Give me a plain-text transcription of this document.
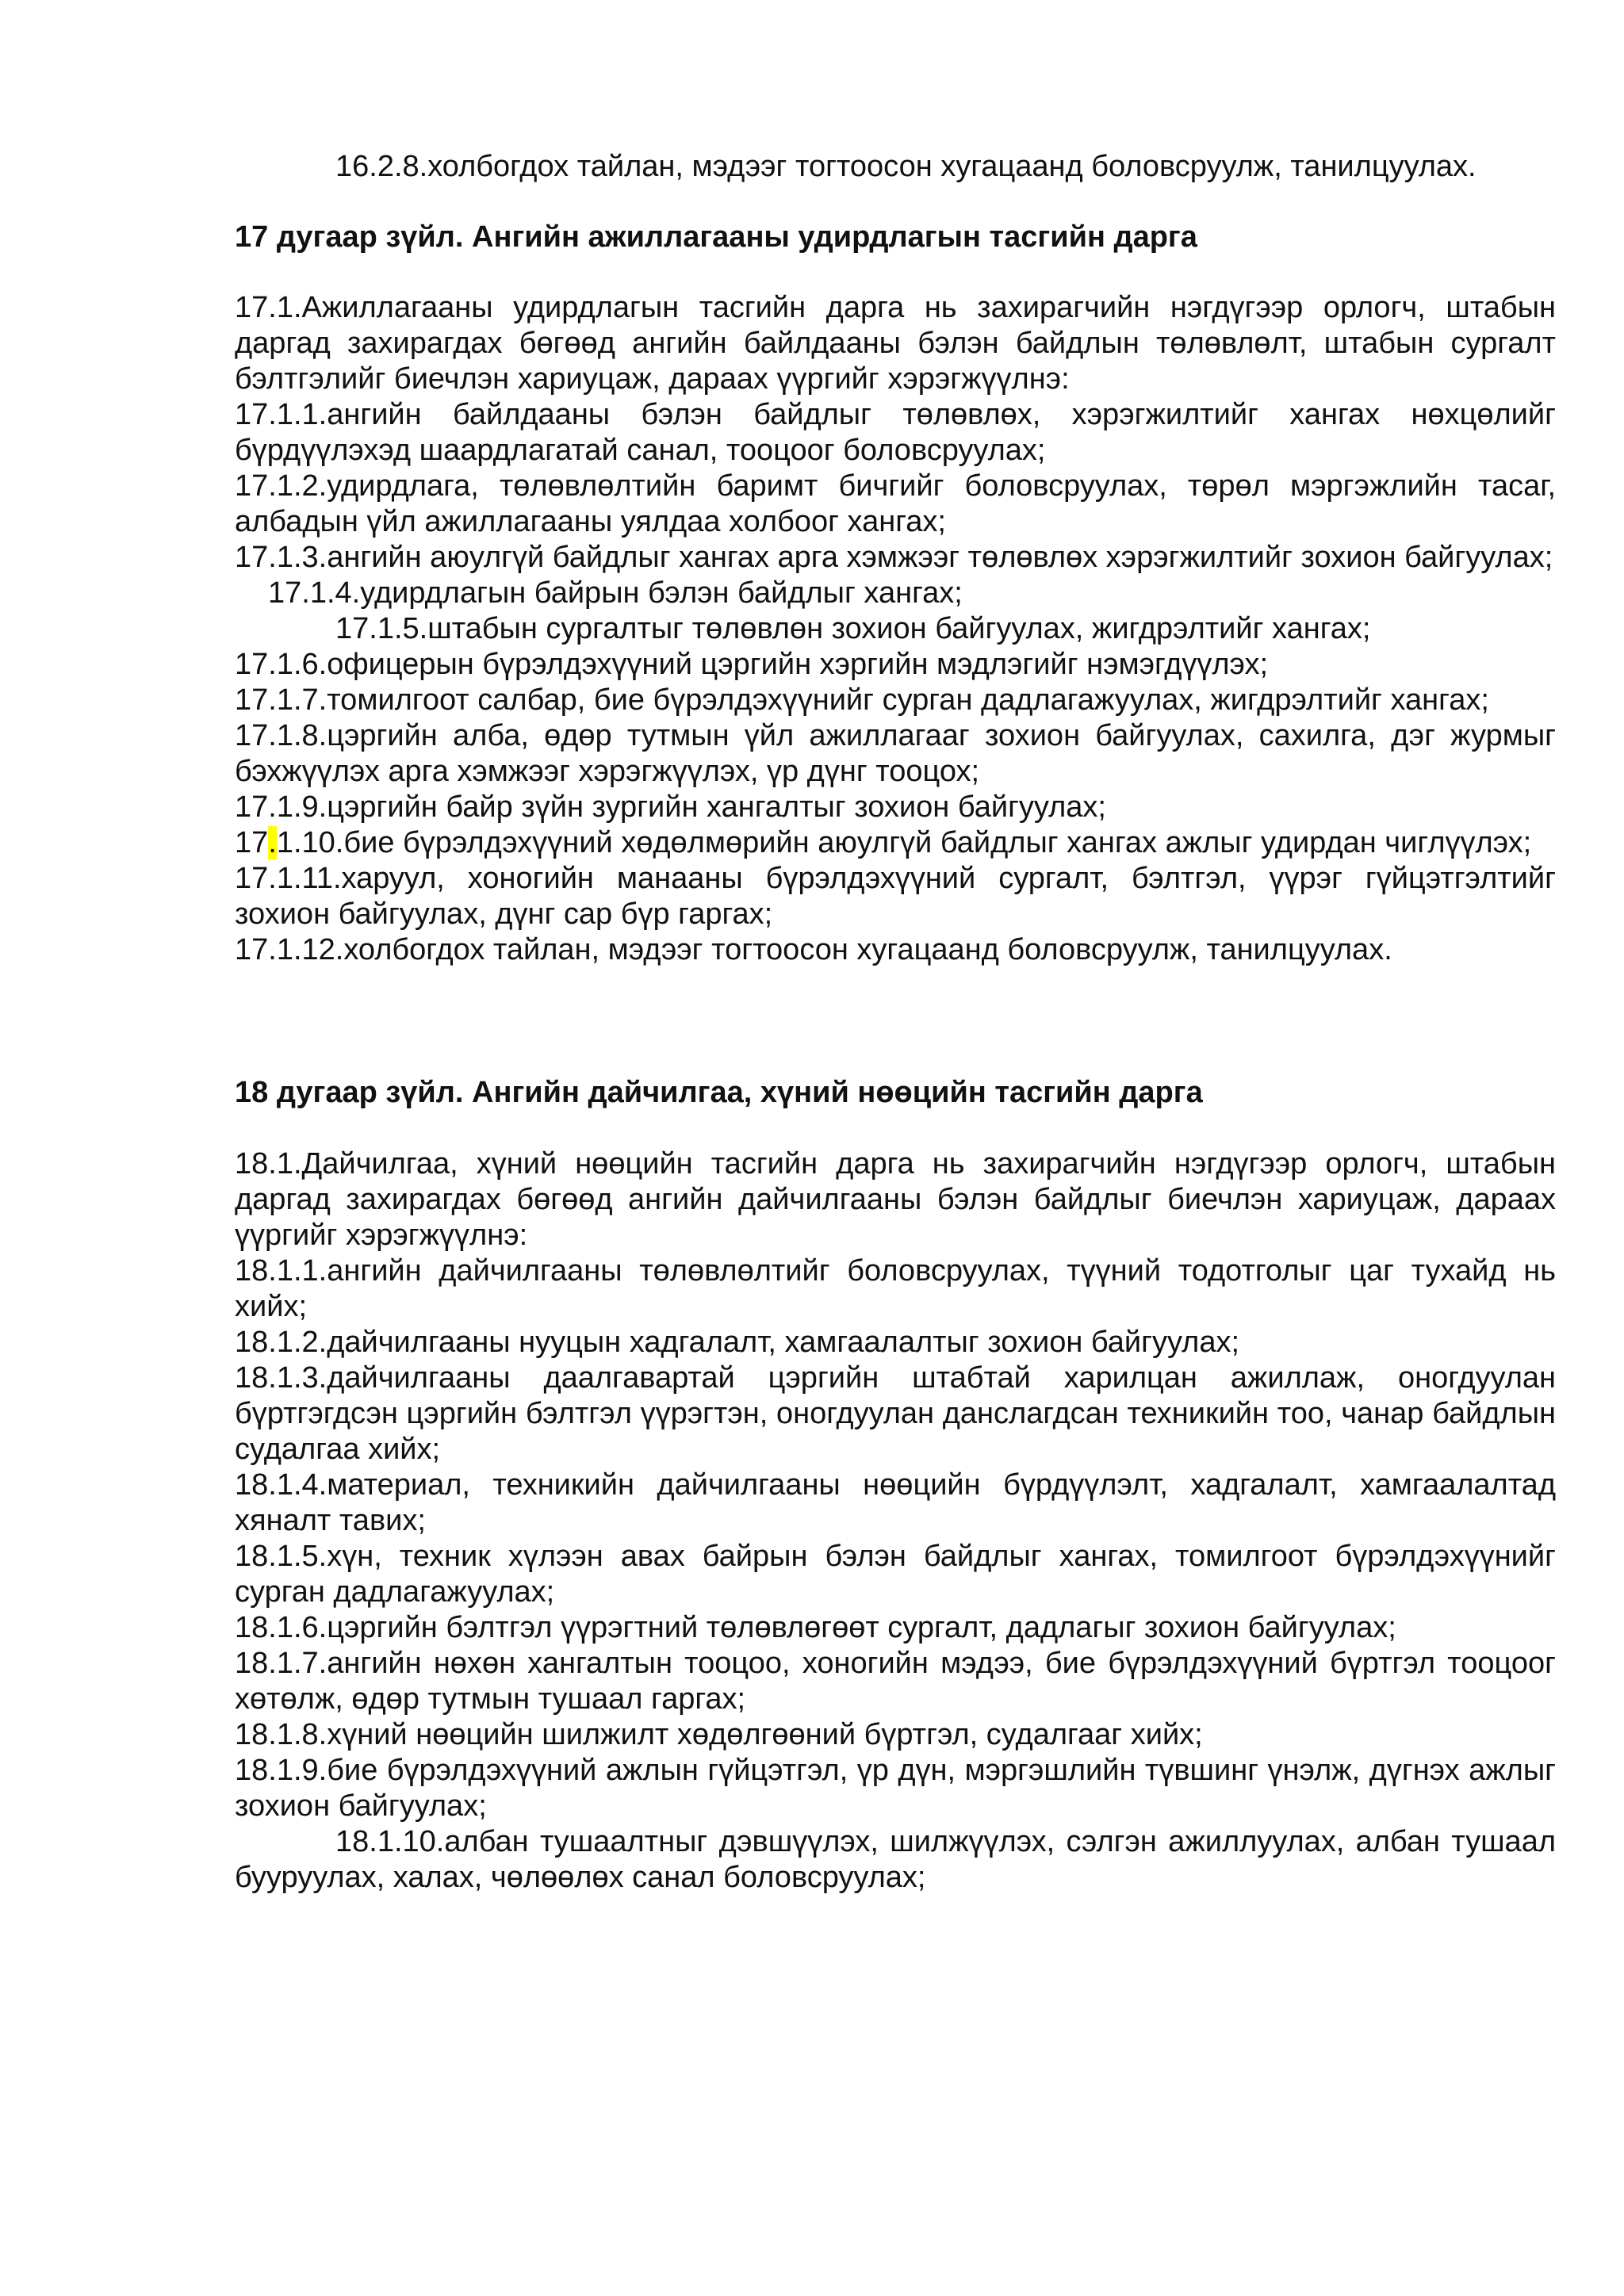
16.2.8.холбогдох тайлан, мэдээг тогтоосон хугацаанд боловсруулж, танилцуулах.

17 дугаар зүйл. Ангийн ажиллагааны удирдлагын тасгийн дарга

17.1.Ажиллагааны удирдлагын тасгийн дарга нь захирагчийн нэгдүгээр орлогч, штабын даргад захирагдах бөгөөд ангийн байлдааны бэлэн байдлын төлөвлөлт, штабын сургалт бэлтгэлийг биечлэн хариуцаж, дараах үүргийг хэрэгжүүлнэ:

17.1.1.ангийн байлдааны бэлэн байдлыг төлөвлөх, хэрэгжилтийг хангах нөхцөлийг бүрдүүлэхэд шаардлагатай санал, тооцоог боловсруулах;

17.1.2.удирдлага, төлөвлөлтийн баримт бичгийг боловсруулах, төрөл мэргэжлийн тасаг, албадын үйл ажиллагааны уялдаа холбоог хангах;

17.1.3.ангийн аюулгүй байдлыг хангах арга хэмжээг төлөвлөх хэрэгжилтийг зохион байгуулах;

17.1.4.удирдлагын байрын бэлэн байдлыг хангах;

17.1.5.штабын сургалтыг төлөвлөн зохион байгуулах, жигдрэлтийг хангах;

17.1.6.офицерын бүрэлдэхүүний цэргийн хэргийн мэдлэгийг нэмэгдүүлэх;

17.1.7.томилгоот салбар, бие бүрэлдэхүүнийг сурган дадлагажуулах, жигдрэлтийг хангах;

17.1.8.цэргийн алба, өдөр тутмын үйл ажиллагааг зохион байгуулах, сахилга, дэг журмыг бэхжүүлэх арга хэмжээг хэрэгжүүлэх, үр дүнг тооцох;

17.1.9.цэргийн байр зүйн зургийн хангалтыг зохион байгуулах;

17.1.10.бие бүрэлдэхүүний хөдөлмөрийн аюулгүй байдлыг хангах ажлыг удирдан чиглүүлэх;

17.1.11.харуул, хоногийн манааны бүрэлдэхүүний сургалт, бэлтгэл, үүрэг гүйцэтгэлтийг зохион байгуулах, дүнг сар бүр гаргах;

17.1.12.холбогдох тайлан, мэдээг тогтоосон хугацаанд боловсруулж, танилцуулах.

18 дугаар зүйл. Ангийн дайчилгаа, хүний нөөцийн тасгийн дарга

18.1.Дайчилгаа, хүний нөөцийн тасгийн дарга нь захирагчийн нэгдүгээр орлогч, штабын даргад захирагдах бөгөөд ангийн дайчилгааны бэлэн байдлыг биечлэн хариуцаж, дараах үүргийг хэрэгжүүлнэ:

18.1.1.ангийн дайчилгааны төлөвлөлтийг боловсруулах, түүний тодотголыг цаг тухайд нь хийх;

18.1.2.дайчилгааны нууцын хадгалалт, хамгаалалтыг зохион байгуулах;

18.1.3.дайчилгааны даалгавартай цэргийн штабтай харилцан ажиллаж, оногдуулан бүртгэгдсэн цэргийн бэлтгэл үүрэгтэн, оногдуулан данслагдсан техникийн тоо, чанар байдлын судалгаа хийх;

18.1.4.материал, техникийн дайчилгааны нөөцийн бүрдүүлэлт, хадгалалт, хамгаалалтад хяналт тавих;

18.1.5.хүн, техник хүлээн авах байрын бэлэн байдлыг хангах, томилгоот бүрэлдэхүүнийг сурган дадлагажуулах;

18.1.6.цэргийн бэлтгэл үүрэгтний төлөвлөгөөт сургалт, дадлагыг зохион байгуулах;

18.1.7.ангийн нөхөн хангалтын тооцоо, хоногийн мэдээ, бие бүрэлдэхүүний бүртгэл тооцоог хөтөлж, өдөр тутмын тушаал гаргах;

18.1.8.хүний нөөцийн шилжилт хөдөлгөөний бүртгэл, судалгааг хийх;

18.1.9.бие бүрэлдэхүүний ажлын гүйцэтгэл, үр дүн, мэргэшлийн түвшинг үнэлж, дүгнэх ажлыг зохион байгуулах;

18.1.10.албан тушаалтныг дэвшүүлэх, шилжүүлэх, сэлгэн ажиллуулах, албан тушаал бууруулах, халах, чөлөөлөх санал боловсруулах;
